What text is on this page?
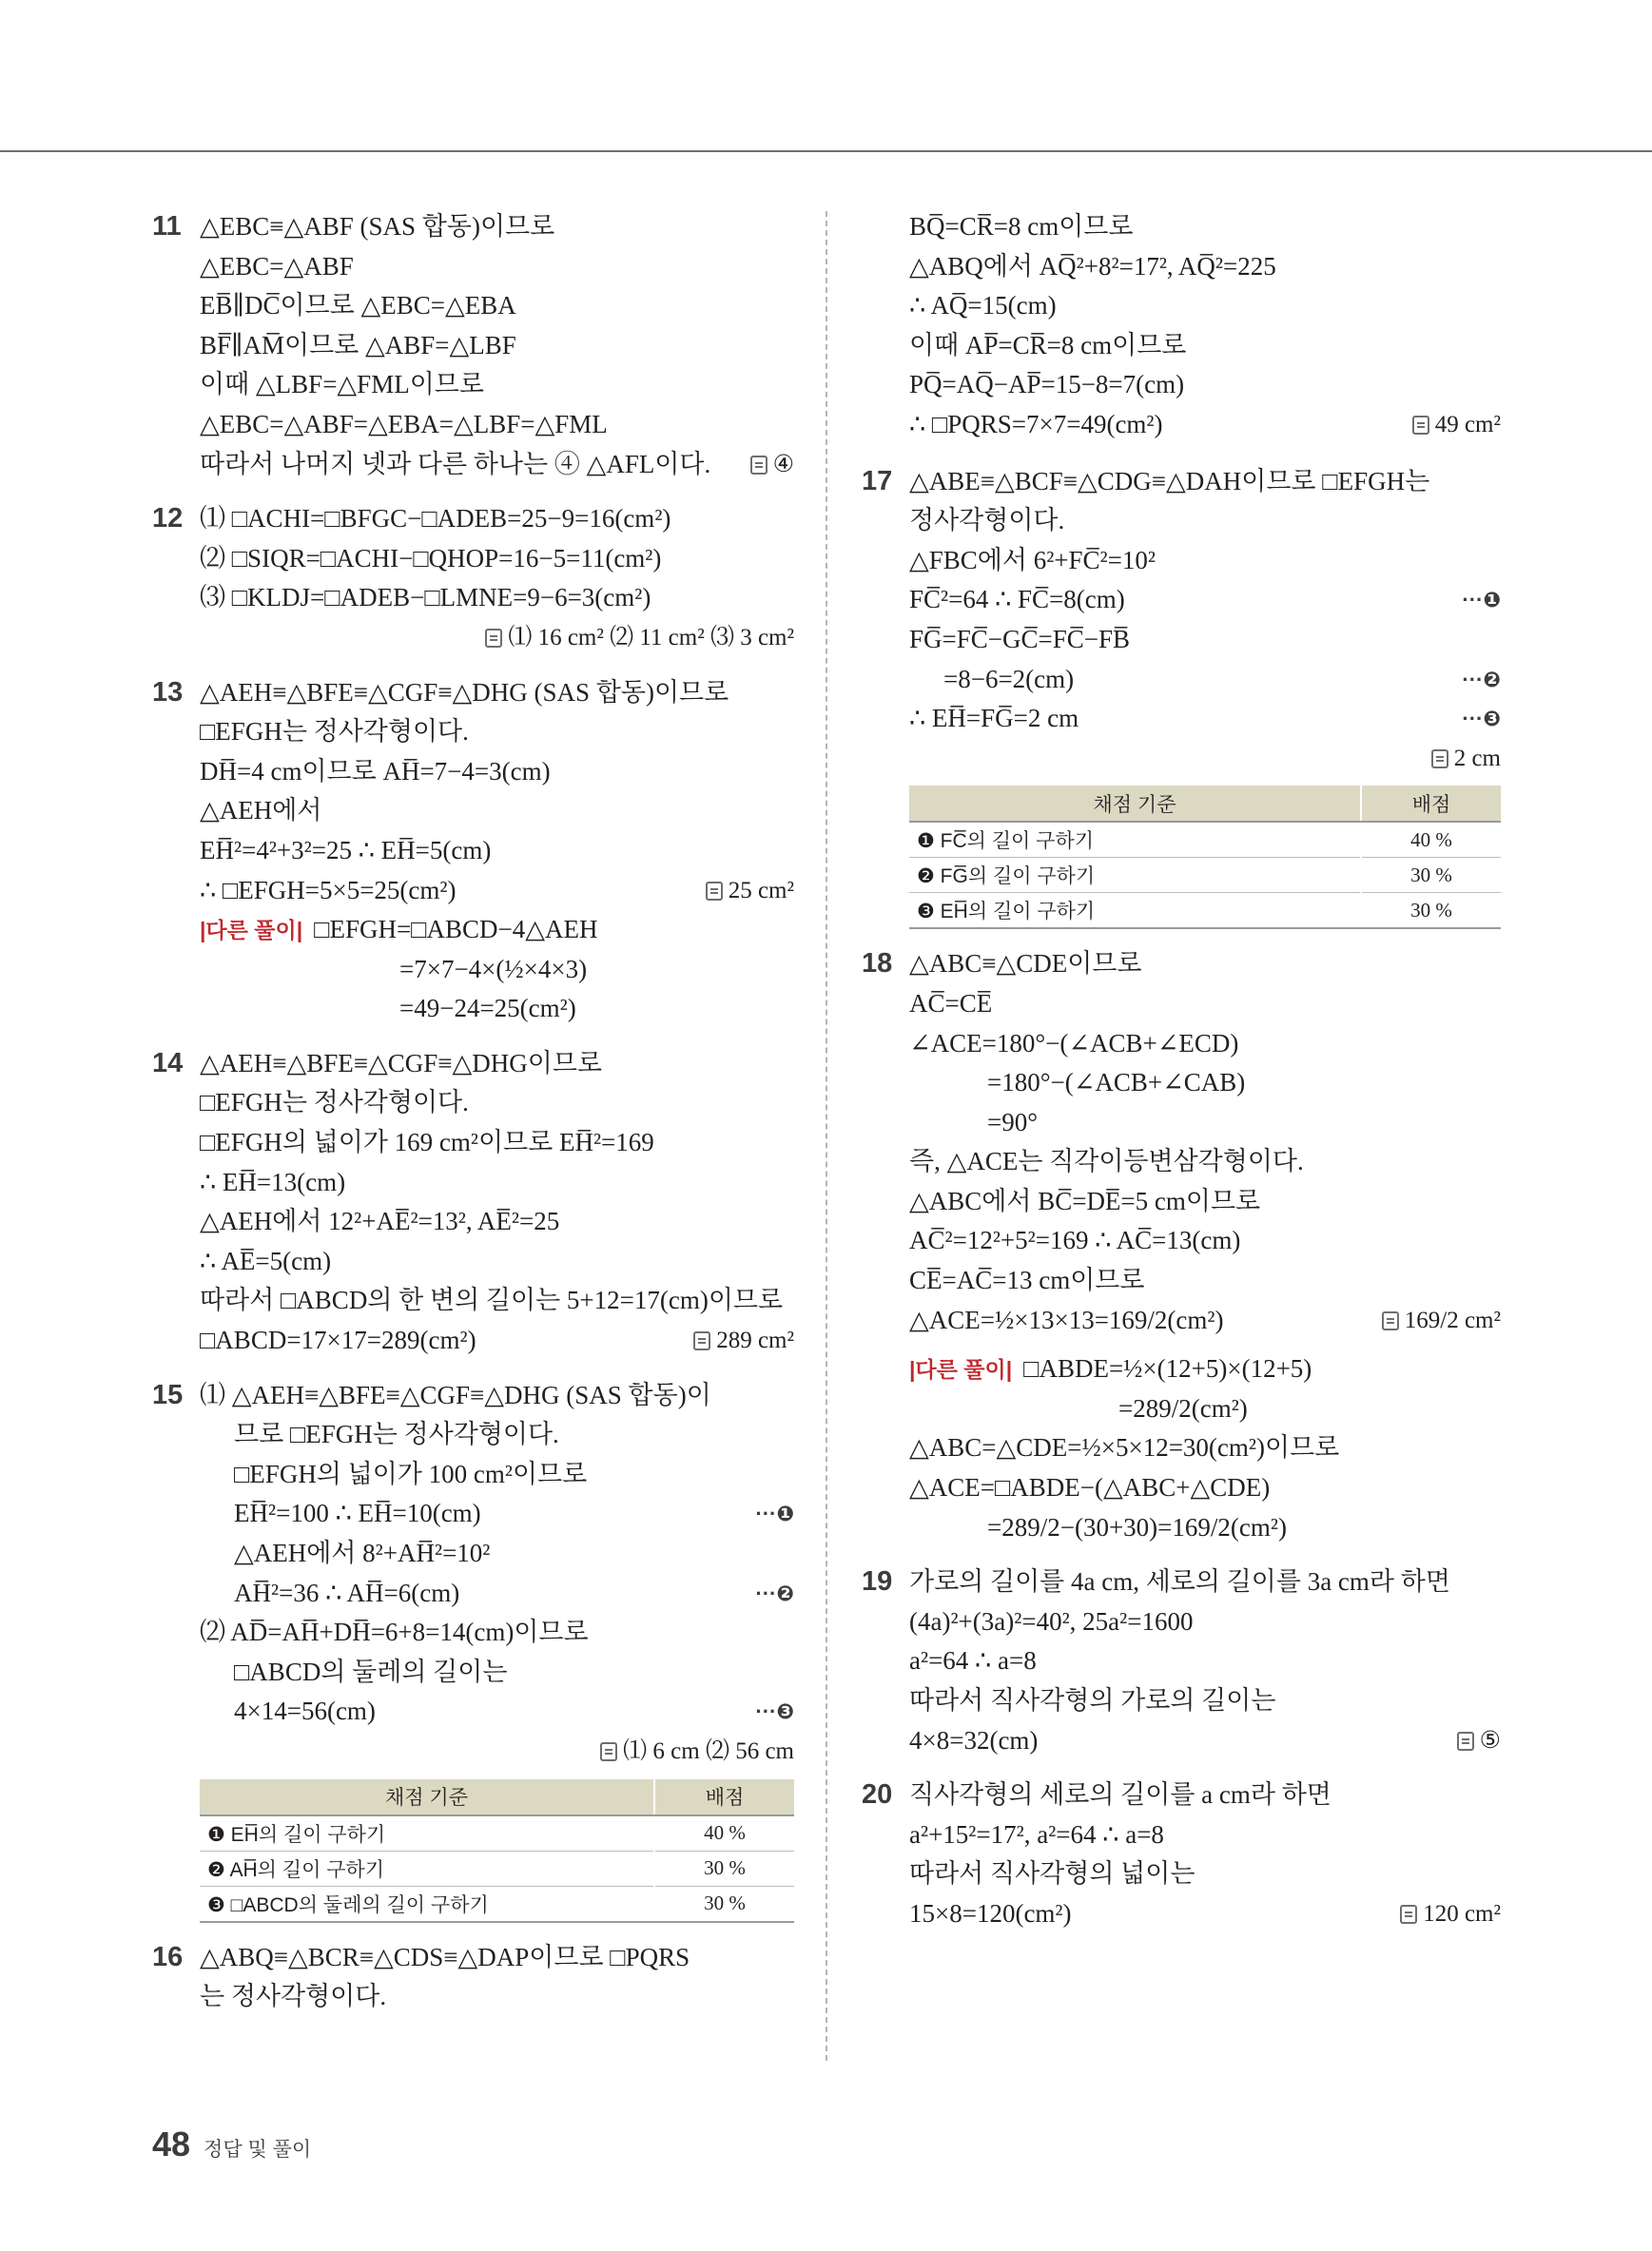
11 △EBC≡△ABF (SAS 합동)이므로
△EBC=△ABF
EB̅∥DC̅이므로 △EBC=△EBA
BF̅∥AM̅이므로 △ABF=△LBF
이때 △LBF=△FML이므로
△EBC=△ABF=△EBA=△LBF=△FML
따라서 나머지 넷과 다른 하나는 ④ △AFL이다.	④
12 ⑴ □ACHI=□BFGC−□ADEB=25−9=16(cm²)
⑵ □SIQR=□ACHI−□QHOP=16−5=11(cm²)
⑶ □KLDJ=□ADEB−□LMNE=9−6=3(cm²)
⑴ 16 cm² ⑵ 11 cm² ⑶ 3 cm²
13 △AEH≡△BFE≡△CGF≡△DHG (SAS 합동)이므로
□EFGH는 정사각형이다.
DH̅=4 cm이므로 AH̅=7−4=3(cm)
△AEH에서
EH̅²=4²+3²=25 ∴ EH̅=5(cm)
∴ □EFGH=5×5=25(cm²)	25 cm²
|다른 풀이| □EFGH=□ABCD−4△AEH
=7×7−4×(½×4×3)
=49−24=25(cm²)
14 △AEH≡△BFE≡△CGF≡△DHG이므로
□EFGH는 정사각형이다.
□EFGH의 넓이가 169 cm²이므로 EH̅²=169
∴ EH̅=13(cm)
△AEH에서 12²+AE̅²=13², AE̅²=25
∴ AE̅=5(cm)
따라서 □ABCD의 한 변의 길이는 5+12=17(cm)이므로
□ABCD=17×17=289(cm²)	289 cm²
15 ⑴ △AEH≡△BFE≡△CGF≡△DHG (SAS 합동)이
므로 □EFGH는 정사각형이다.
□EFGH의 넓이가 100 cm²이므로
EH̅²=100 ∴ EH̅=10(cm)	···❶
△AEH에서 8²+AH̅²=10²
AH̅²=36 ∴ AH̅=6(cm)	···❷
⑵ AD̅=AH̅+DH̅=6+8=14(cm)이므로
□ABCD의 둘레의 길이는
4×14=56(cm)	···❸
⑴ 6 cm ⑵ 56 cm
채점 기준	배점
❶ EH̅의 길이 구하기	40 %
❷ AH̅의 길이 구하기	30 %
❸ □ABCD의 둘레의 길이 구하기	30 %
16 △ABQ≡△BCR≡△CDS≡△DAP이므로 □PQRS
는 정사각형이다.
BQ̅=CR̅=8 cm이므로
△ABQ에서 AQ̅²+8²=17², AQ̅²=225
∴ AQ̅=15(cm)
이때 AP̅=CR̅=8 cm이므로
PQ̅=AQ̅−AP̅=15−8=7(cm)
∴ □PQRS=7×7=49(cm²)	49 cm²
17 △ABE≡△BCF≡△CDG≡△DAH이므로 □EFGH는
정사각형이다.
△FBC에서 6²+FC̅²=10²
FC̅²=64 ∴ FC̅=8(cm)	···❶
FG̅=FC̅−GC̅=FC̅−FB̅
=8−6=2(cm)	···❷
∴ EH̅=FG̅=2 cm	···❸
2 cm
채점 기준	배점
❶ FC̅의 길이 구하기	40 %
❷ FG̅의 길이 구하기	30 %
❸ EH̅의 길이 구하기	30 %
18 △ABC≡△CDE이므로
AC̅=CE̅
∠ACE=180°−(∠ACB+∠ECD)
=180°−(∠ACB+∠CAB)
=90°
즉, △ACE는 직각이등변삼각형이다.
△ABC에서 BC̅=DE̅=5 cm이므로
AC̅²=12²+5²=169 ∴ AC̅=13(cm)
CE̅=AC̅=13 cm이므로
△ACE=½×13×13=169/2(cm²)	169/2 cm²
|다른 풀이| □ABDE=½×(12+5)×(12+5)
=289/2(cm²)
△ABC=△CDE=½×5×12=30(cm²)이므로
△ACE=□ABDE−(△ABC+△CDE)
=289/2−(30+30)=169/2(cm²)
19 가로의 길이를 4a cm, 세로의 길이를 3a cm라 하면
(4a)²+(3a)²=40², 25a²=1600
a²=64 ∴ a=8
따라서 직사각형의 가로의 길이는
4×8=32(cm)	⑤
20 직사각형의 세로의 길이를 a cm라 하면
a²+15²=17², a²=64 ∴ a=8
따라서 직사각형의 넓이는
15×8=120(cm²)	120 cm²
48 정답 및 풀이
